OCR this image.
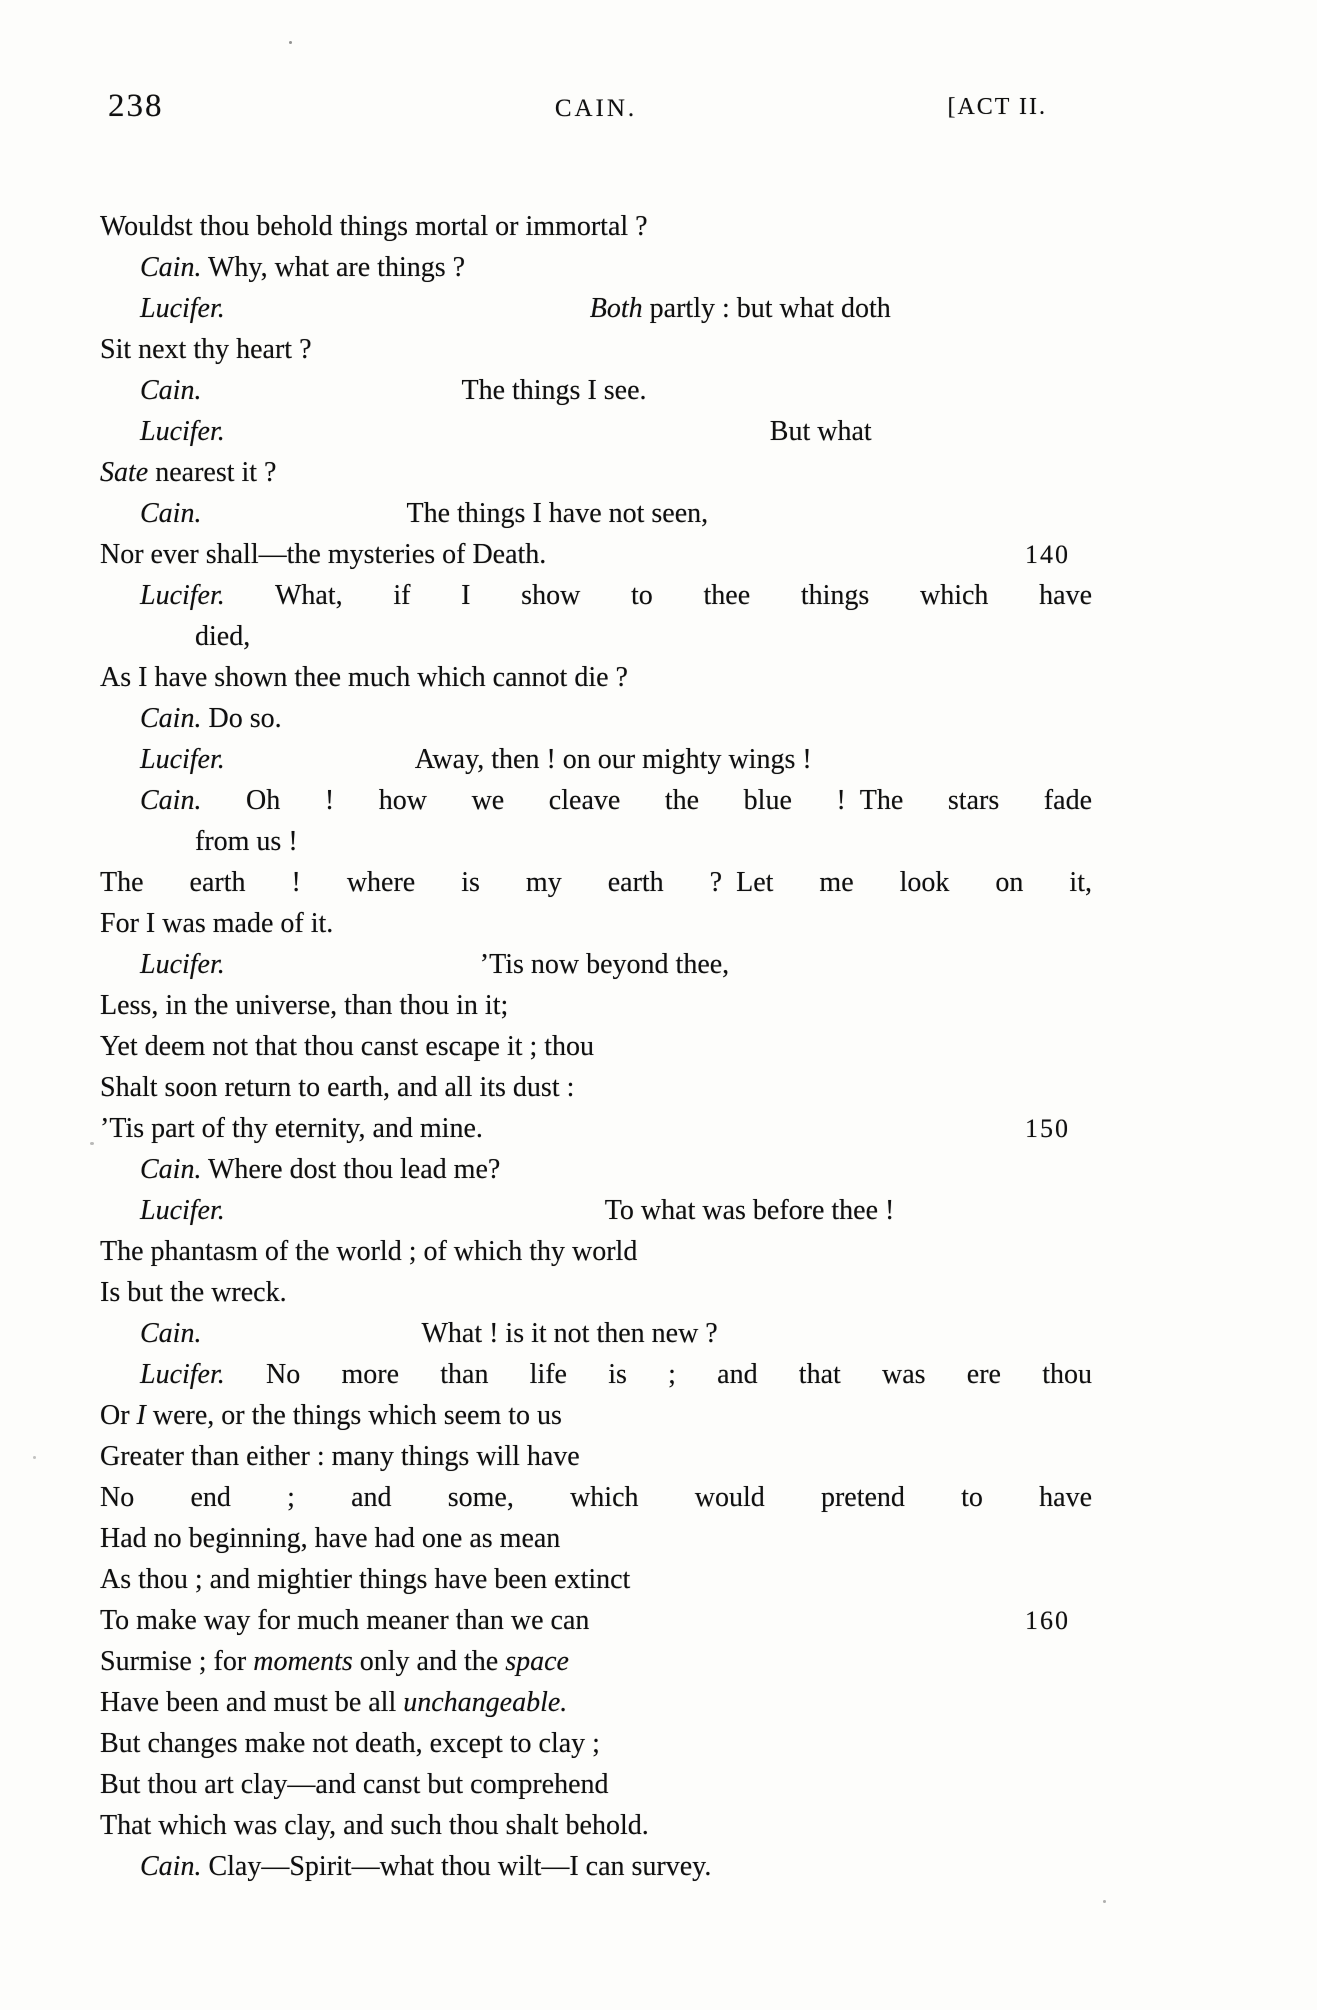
238	CAIN.	[ACT II.
Wouldst thou behold things mortal or immortal ?
Cain. Why, what are things ?
Lucifer.	Both partly : but what doth
Sit next thy heart ?
Cain.	The things I see.
Lucifer.	But what
Sate nearest it ?
Cain.	The things I have not seen,
Nor ever shall—the mysteries of Death.	140
Lucifer. What, if I show to thee things which have
died,
As I have shown thee much which cannot die ?
Cain. Do so.
Lucifer.	Away, then ! on our mighty wings !
Cain. Oh ! how we cleave the blue ! The stars fade
from us !
The earth ! where is my earth ? Let me look on it,
For I was made of it.
Lucifer.	’Tis now beyond thee,
Less, in the universe, than thou in it;
Yet deem not that thou canst escape it ; thou
Shalt soon return to earth, and all its dust :
’Tis part of thy eternity, and mine.	150
Cain. Where dost thou lead me?
Lucifer.	To what was before thee !
The phantasm of the world ; of which thy world
Is but the wreck.
Cain.	What ! is it not then new ?
Lucifer. No more than life is ; and that was ere thou
Or I were, or the things which seem to us
Greater than either : many things will have
No end ; and some, which would pretend to have
Had no beginning, have had one as mean
As thou ; and mightier things have been extinct
To make way for much meaner than we can	160
Surmise ; for moments only and the space
Have been and must be all unchangeable.
But changes make not death, except to clay ;
But thou art clay—and canst but comprehend
That which was clay, and such thou shalt behold.
Cain. Clay—Spirit—what thou wilt—I can survey.
